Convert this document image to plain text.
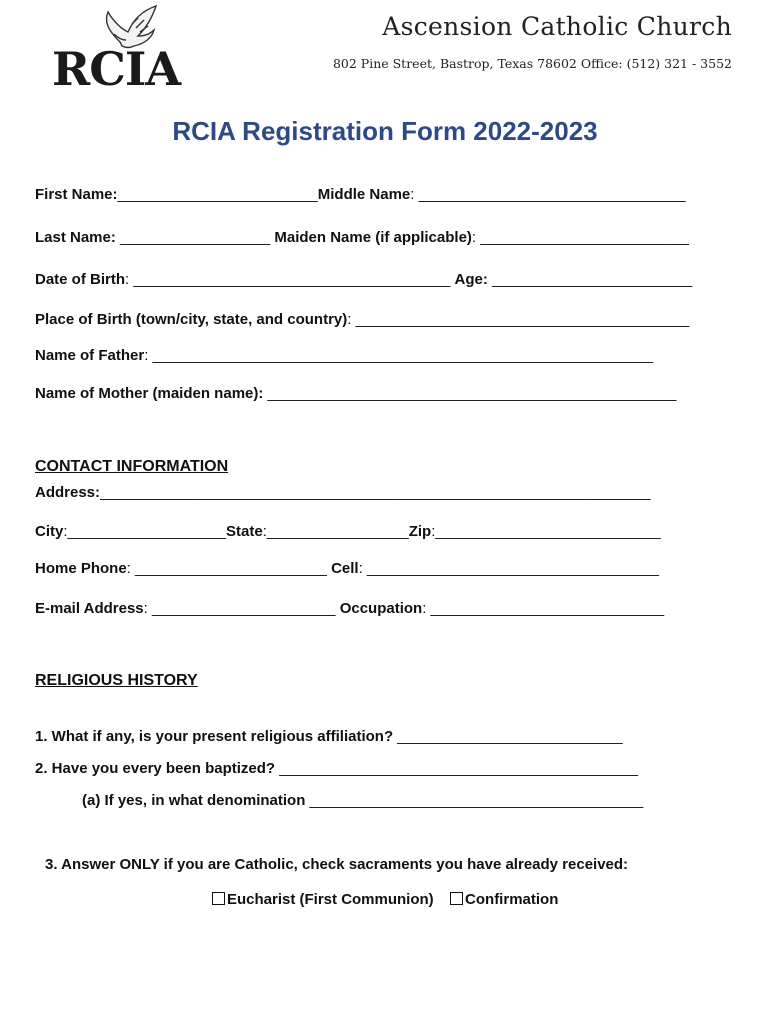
RCIA
Ascension Catholic Church
802 Pine Street, Bastrop, Texas 78602 Office: (512) 321 - 3552
RCIA Registration Form 2022-2023
First Name:________________________Middle Name: ________________________________
Last Name: __________________ Maiden Name (if applicable): _________________________
Date of Birth: ______________________________________ Age: ________________________
Place of Birth (town/city, state, and country): ________________________________________
Name of Father: ____________________________________________________________
Name of Mother (maiden name): _________________________________________________
CONTACT INFORMATION
Address:__________________________________________________________________
City:___________________State:_________________Zip:___________________________
Home Phone: _______________________ Cell: ___________________________________
E-mail Address: ______________________ Occupation: ____________________________
RELIGIOUS HISTORY
1. What if any, is your present religious affiliation? ___________________________
2. Have you every been baptized? ___________________________________________
(a) If yes, in what denomination ________________________________________
3. Answer ONLY if you are Catholic, check sacraments you have already received:
Eucharist (First Communion) Confirmation
